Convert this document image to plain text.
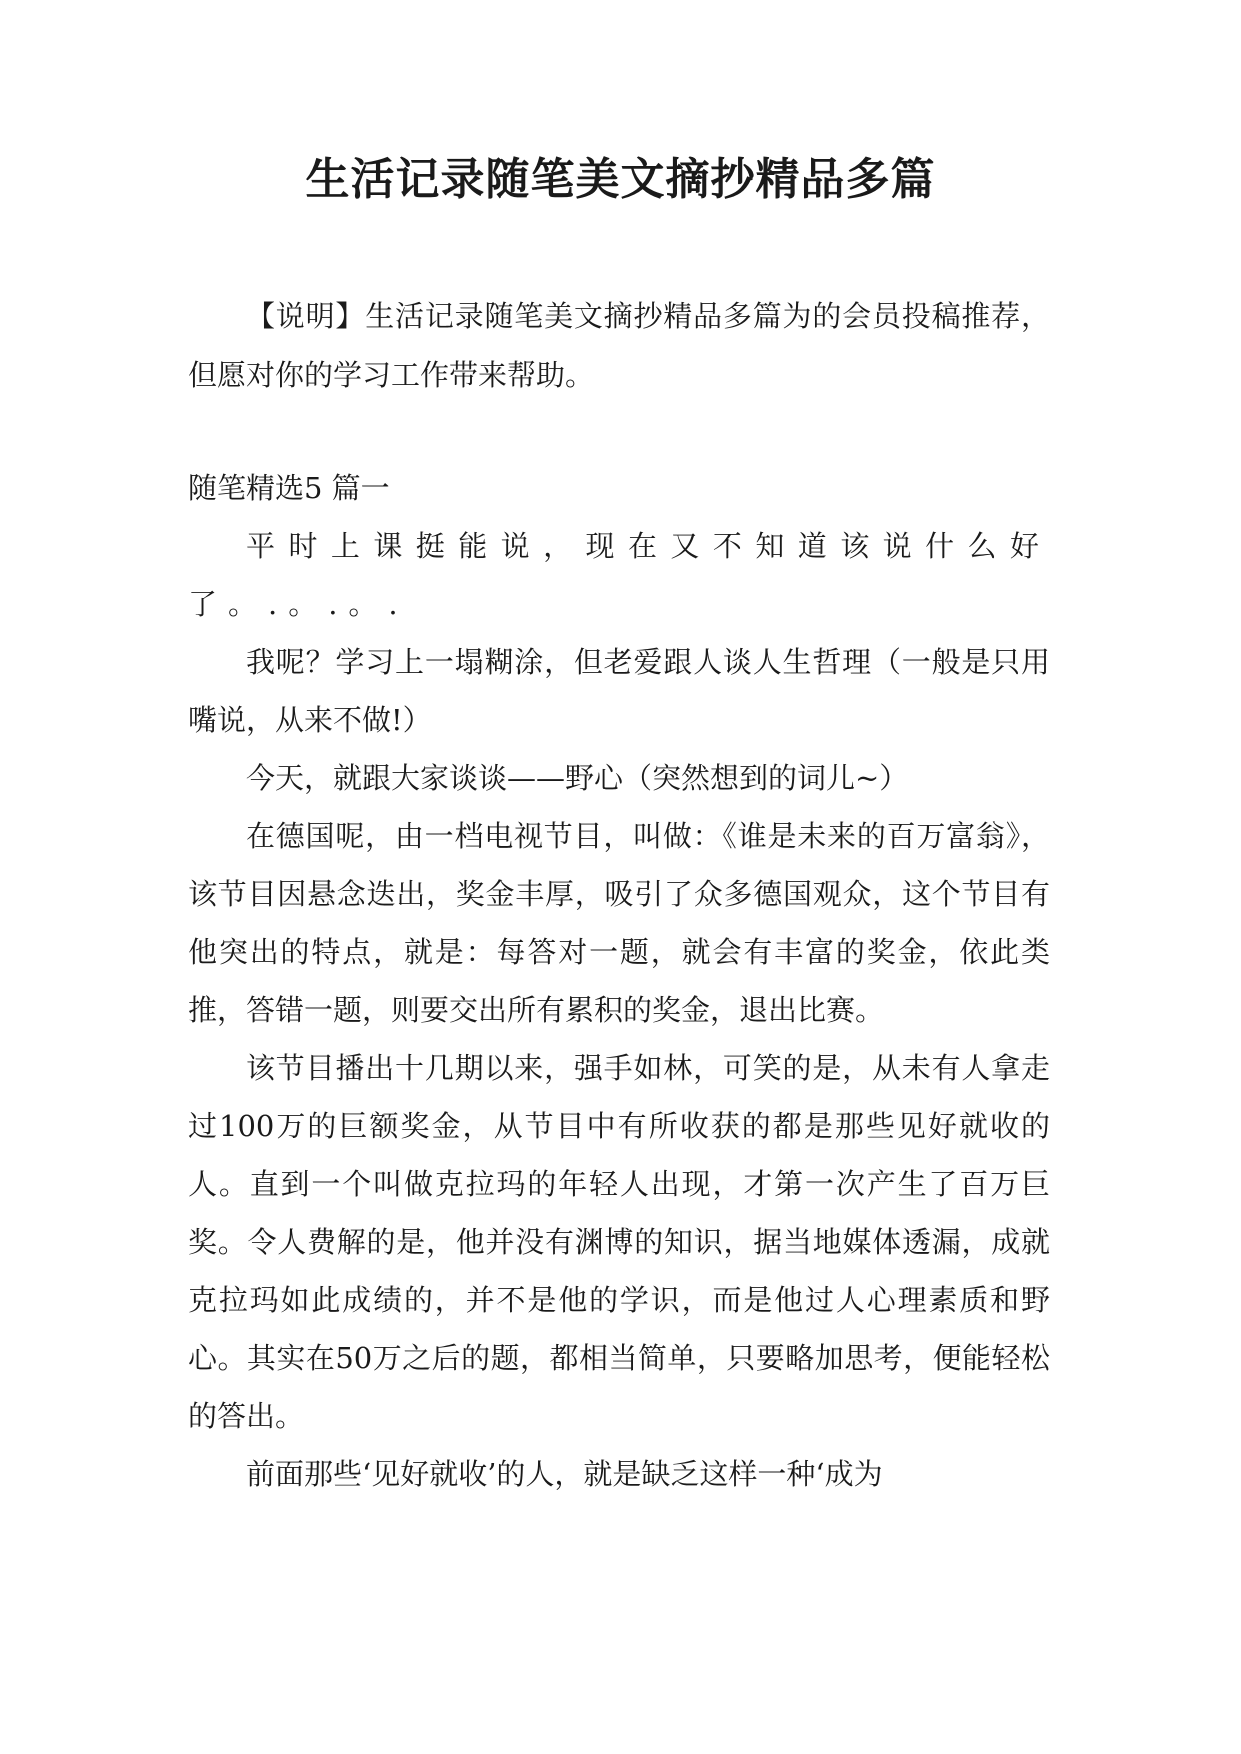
生活记录随笔美文摘抄精品多篇

【说明】生活记录随笔美文摘抄精品多篇为的会员投稿推荐，但愿对你的学习工作带来帮助。

随笔精选5 篇一

平时上课挺能说，现在又不知道该说什么好了。.。.。.

我呢？学习上一塌糊涂，但老爱跟人谈人生哲理（一般是只用嘴说，从来不做!）

今天，就跟大家谈谈——野心（突然想到的词儿~）

在德国呢，由一档电视节目，叫做：《谁是未来的百万富翁》，该节目因悬念迭出，奖金丰厚，吸引了众多德国观众，这个节目有他突出的特点，就是：每答对一题，就会有丰富的奖金，依此类推，答错一题，则要交出所有累积的奖金，退出比赛。

该节目播出十几期以来，强手如林，可笑的是，从未有人拿走过100万的巨额奖金，从节目中有所收获的都是那些见好就收的人。直到一个叫做克拉玛的年轻人出现，才第一次产生了百万巨奖。令人费解的是，他并没有渊博的知识，据当地媒体透漏，成就克拉玛如此成绩的，并不是他的学识，而是他过人心理素质和野心。其实在50万之后的题，都相当简单，只要略加思考，便能轻松的答出。

前面那些‘见好就收’的人，就是缺乏这样一种‘成为
